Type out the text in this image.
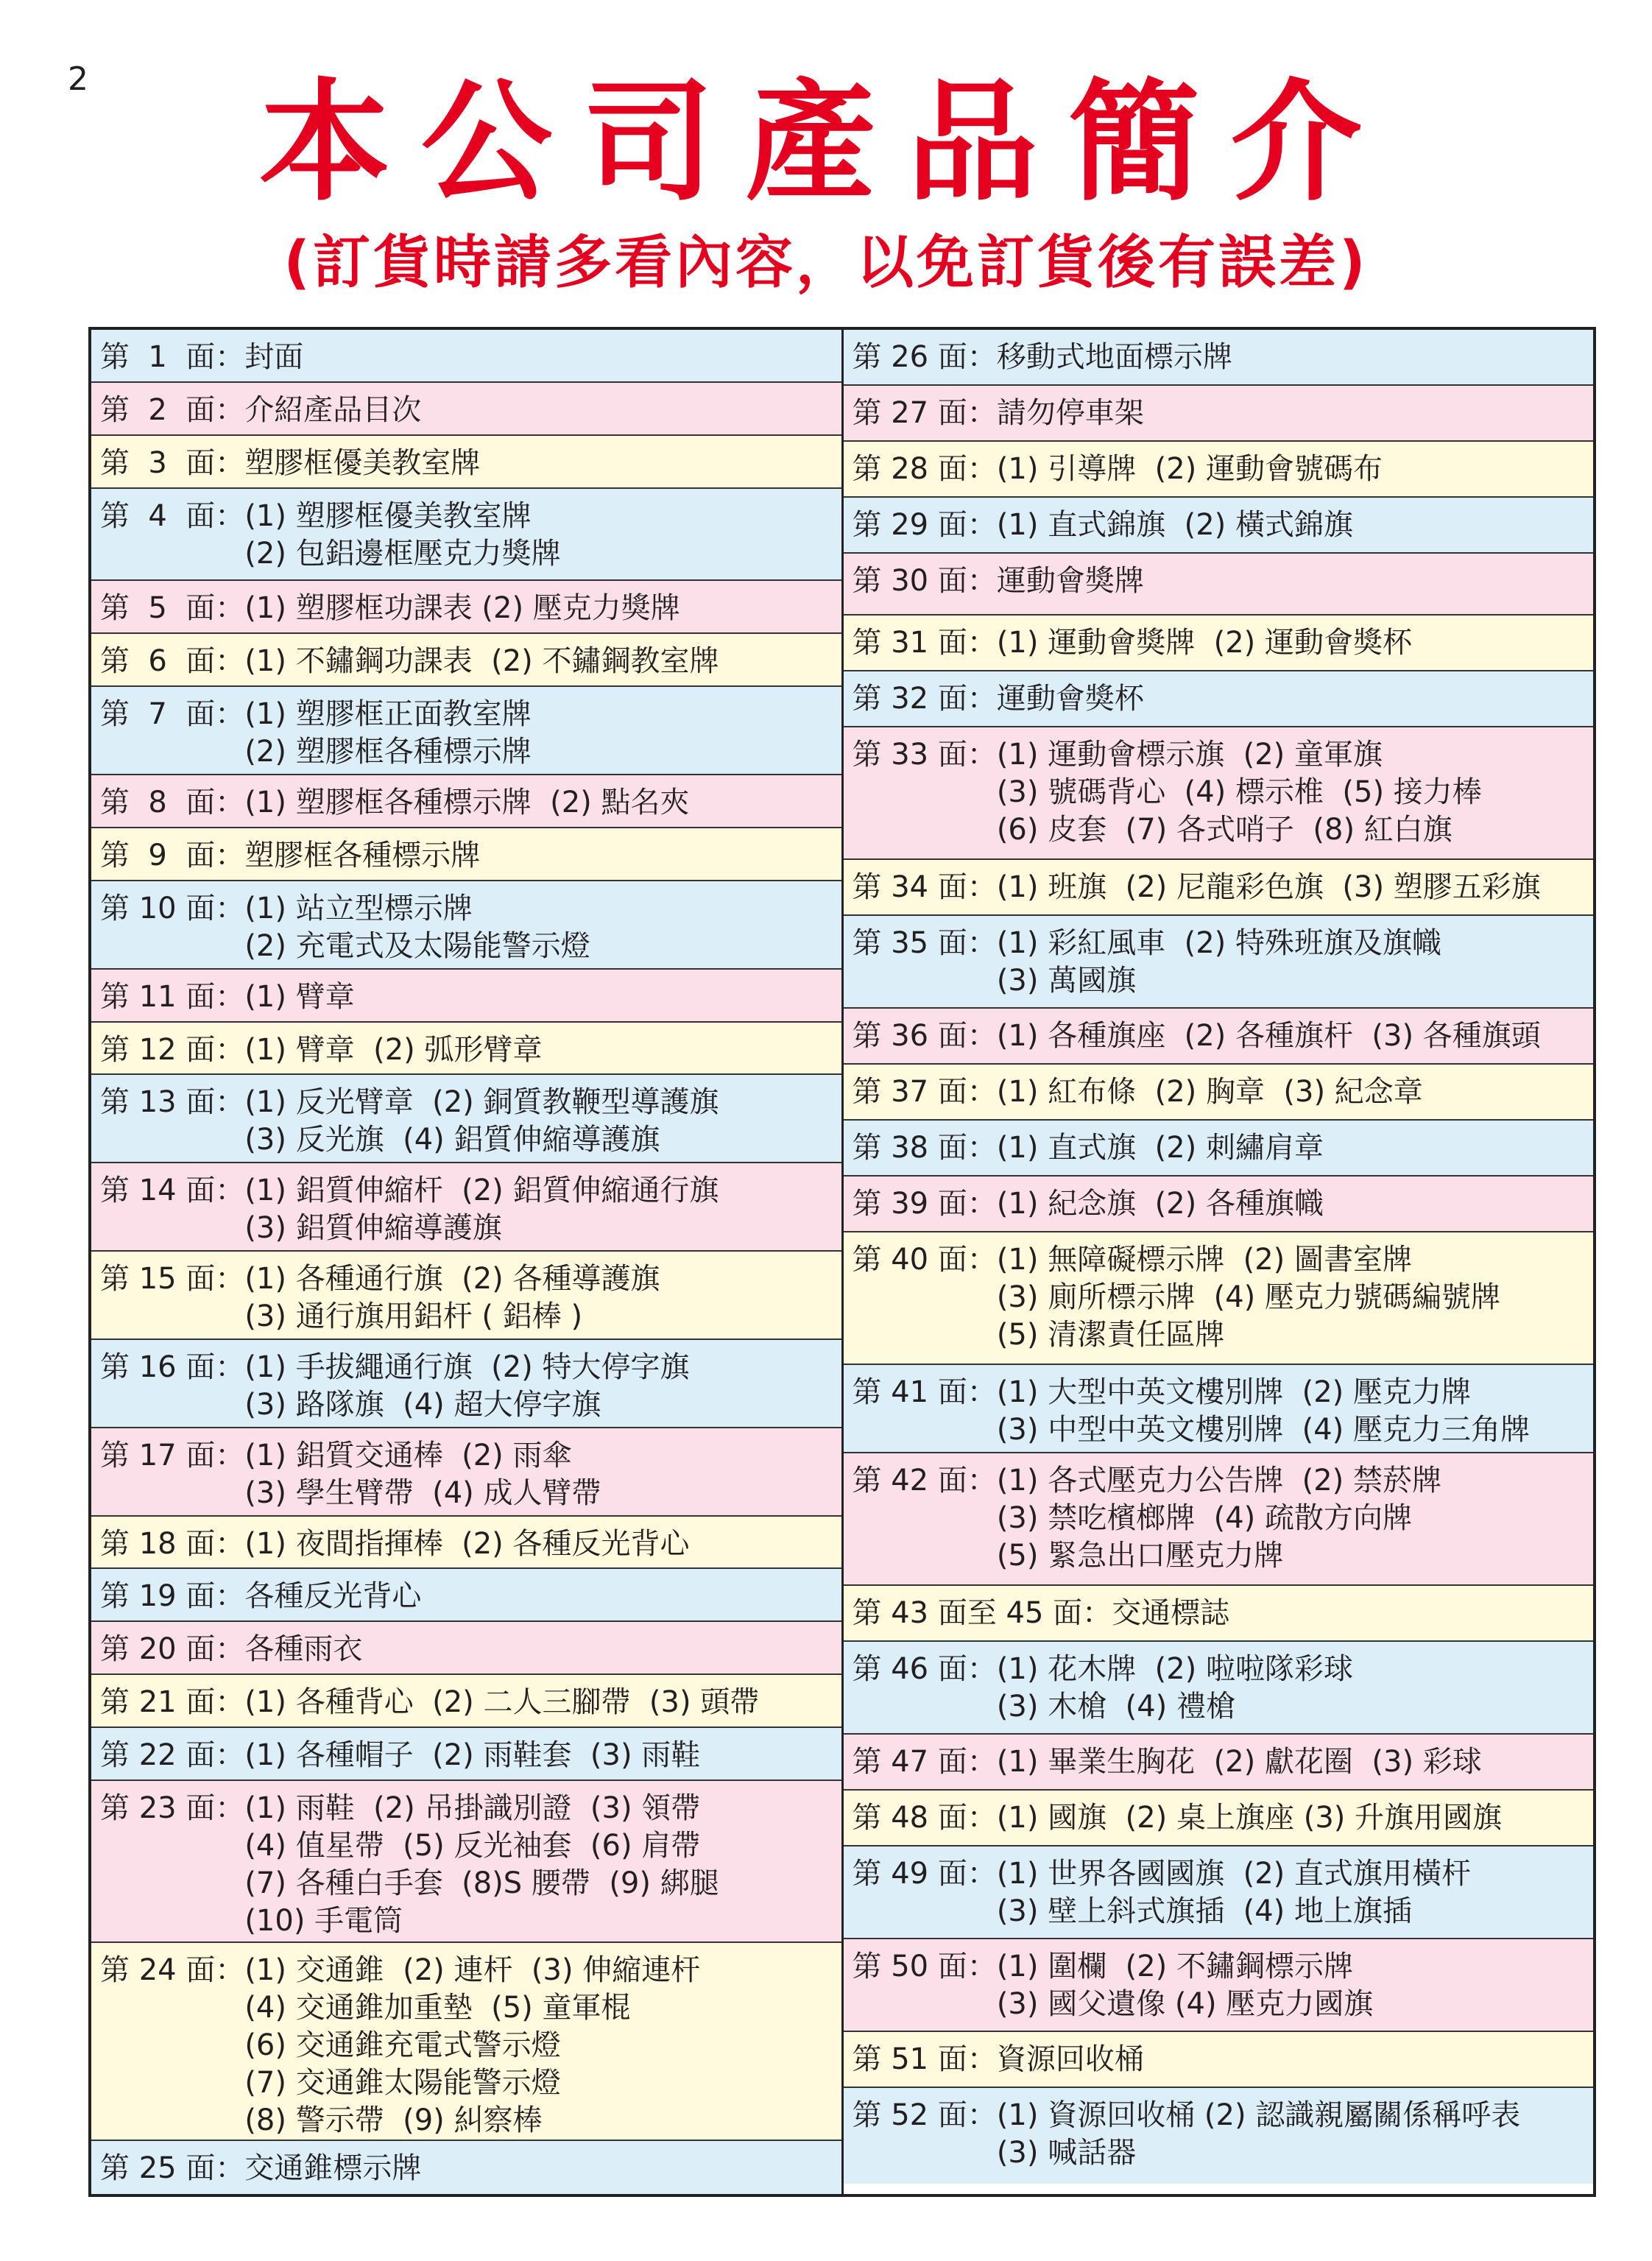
2	本公司產品簡介
(訂貨時請多看內容，以免訂貨後有誤差)
第  1  面： 封面
第  2  面： 介紹產品目次
第  3  面： 塑膠框優美教室牌
第  4  面： (1) 塑膠框優美教室牌
(2) 包鋁邊框壓克力獎牌
第  5  面： (1) 塑膠框功課表 (2) 壓克力獎牌
第  6  面： (1) 不鏽鋼功課表  (2) 不鏽鋼教室牌
第  7  面： (1) 塑膠框正面教室牌
(2) 塑膠框各種標示牌
第  8  面： (1) 塑膠框各種標示牌  (2) 點名夾
第  9  面： 塑膠框各種標示牌
第 10 面： (1) 站立型標示牌
(2) 充電式及太陽能警示燈
第 11 面： (1) 臂章
第 12 面： (1) 臂章  (2) 弧形臂章
第 13 面： (1) 反光臂章  (2) 銅質教鞭型導護旗
(3) 反光旗  (4) 鋁質伸縮導護旗
第 14 面： (1) 鋁質伸縮杆  (2) 鋁質伸縮通行旗
(3) 鋁質伸縮導護旗
第 15 面： (1) 各種通行旗  (2) 各種導護旗
(3) 通行旗用鋁杆 ( 鋁棒 )
第 16 面： (1) 手拔繩通行旗  (2) 特大停字旗
(3) 路隊旗  (4) 超大停字旗
第 17 面： (1) 鋁質交通棒  (2) 雨傘
(3) 學生臂帶  (4) 成人臂帶
第 18 面： (1) 夜間指揮棒  (2) 各種反光背心
第 19 面： 各種反光背心
第 20 面： 各種雨衣
第 21 面： (1) 各種背心  (2) 二人三腳帶  (3) 頭帶
第 22 面： (1) 各種帽子  (2) 雨鞋套  (3) 雨鞋
第 23 面： (1) 雨鞋  (2) 吊掛識別證  (3) 領帶
(4) 值星帶  (5) 反光袖套  (6) 肩帶
(7) 各種白手套  (8)S 腰帶  (9) 綁腿
(10) 手電筒
第 24 面： (1) 交通錐  (2) 連杆  (3) 伸縮連杆
(4) 交通錐加重墊  (5) 童軍棍
(6) 交通錐充電式警示燈
(7) 交通錐太陽能警示燈
(8) 警示帶  (9) 糾察棒
第 25 面： 交通錐標示牌
第 26 面： 移動式地面標示牌
第 27 面： 請勿停車架
第 28 面： (1) 引導牌  (2) 運動會號碼布
第 29 面： (1) 直式錦旗  (2) 橫式錦旗
第 30 面： 運動會獎牌
第 31 面： (1) 運動會獎牌  (2) 運動會獎杯
第 32 面： 運動會獎杯
第 33 面： (1) 運動會標示旗  (2) 童軍旗
(3) 號碼背心  (4) 標示椎  (5) 接力棒
(6) 皮套  (7) 各式哨子  (8) 紅白旗
第 34 面： (1) 班旗  (2) 尼龍彩色旗  (3) 塑膠五彩旗
第 35 面： (1) 彩紅風車  (2) 特殊班旗及旗幟
(3) 萬國旗
第 36 面： (1) 各種旗座  (2) 各種旗杆  (3) 各種旗頭
第 37 面： (1) 紅布條  (2) 胸章  (3) 紀念章
第 38 面： (1) 直式旗  (2) 刺繡肩章
第 39 面： (1) 紀念旗  (2) 各種旗幟
第 40 面： (1) 無障礙標示牌  (2) 圖書室牌
(3) 廁所標示牌  (4) 壓克力號碼編號牌
(5) 清潔責任區牌
第 41 面： (1) 大型中英文樓別牌  (2) 壓克力牌
(3) 中型中英文樓別牌  (4) 壓克力三角牌
第 42 面： (1) 各式壓克力公告牌  (2) 禁菸牌
(3) 禁吃檳榔牌  (4) 疏散方向牌
(5) 緊急出口壓克力牌
第 43 面至 45 面： 交通標誌
第 46 面： (1) 花木牌  (2) 啦啦隊彩球
(3) 木槍  (4) 禮槍
第 47 面： (1) 畢業生胸花  (2) 獻花圈  (3) 彩球
第 48 面： (1) 國旗  (2) 桌上旗座 (3) 升旗用國旗
第 49 面： (1) 世界各國國旗  (2) 直式旗用橫杆
(3) 壁上斜式旗插  (4) 地上旗插
第 50 面： (1) 圍欄  (2) 不鏽鋼標示牌
(3) 國父遺像 (4) 壓克力國旗
第 51 面： 資源回收桶
第 52 面： (1) 資源回收桶 (2) 認識親屬關係稱呼表
(3) 喊話器
